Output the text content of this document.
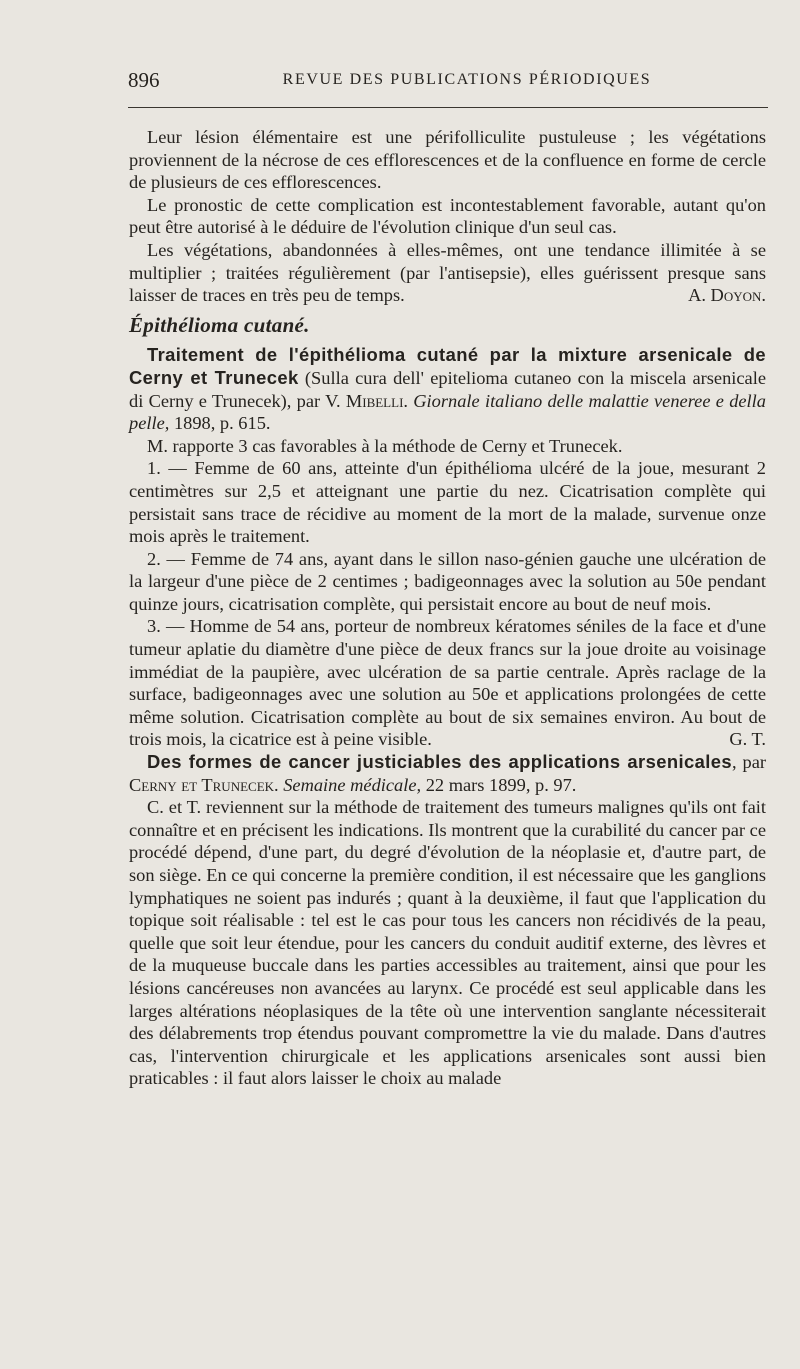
896	REVUE DES PUBLICATIONS PÉRIODIQUES

Leur lésion élémentaire est une périfolliculite pustuleuse ; les végétations proviennent de la nécrose de ces efflorescences et de la confluence en forme de cercle de plusieurs de ces efflorescences.

Le pronostic de cette complication est incontestablement favorable, autant qu'on peut être autorisé à le déduire de l'évolution clinique d'un seul cas.

Les végétations, abandonnées à elles-mêmes, ont une tendance illimitée à se multiplier ; traitées régulièrement (par l'antisepsie), elles guérissent presque sans laisser de traces en très peu de temps.	A. Doyon.

Épithélioma cutané.

Traitement de l'épithélioma cutané par la mixture arsenicale de Cerny et Trunecek (Sulla cura dell' epitelioma cutaneo con la miscela arsenicale di Cerny e Trunecek), par V. Mibelli. Giornale italiano delle malattie veneree e della pelle, 1898, p. 615.

M. rapporte 3 cas favorables à la méthode de Cerny et Trunecek.

1. — Femme de 60 ans, atteinte d'un épithélioma ulcéré de la joue, mesurant 2 centimètres sur 2,5 et atteignant une partie du nez. Cicatrisation complète qui persistait sans trace de récidive au moment de la mort de la malade, survenue onze mois après le traitement.

2. — Femme de 74 ans, ayant dans le sillon naso-génien gauche une ulcération de la largeur d'une pièce de 2 centimes ; badigeonnages avec la solution au 50e pendant quinze jours, cicatrisation complète, qui persistait encore au bout de neuf mois.

3. — Homme de 54 ans, porteur de nombreux kératomes séniles de la face et d'une tumeur aplatie du diamètre d'une pièce de deux francs sur la joue droite au voisinage immédiat de la paupière, avec ulcération de sa partie centrale. Après raclage de la surface, badigeonnages avec une solution au 50e et applications prolongées de cette même solution. Cicatrisation complète au bout de six semaines environ. Au bout de trois mois, la cicatrice est à peine visible.	G. T.

Des formes de cancer justiciables des applications arsenicales, par Cerny et Trunecek. Semaine médicale, 22 mars 1899, p. 97.

C. et T. reviennent sur la méthode de traitement des tumeurs malignes qu'ils ont fait connaître et en précisent les indications. Ils montrent que la curabilité du cancer par ce procédé dépend, d'une part, du degré d'évolution de la néoplasie et, d'autre part, de son siège. En ce qui concerne la première condition, il est nécessaire que les ganglions lymphatiques ne soient pas indurés ; quant à la deuxième, il faut que l'application du topique soit réalisable : tel est le cas pour tous les cancers non récidivés de la peau, quelle que soit leur étendue, pour les cancers du conduit auditif externe, des lèvres et de la muqueuse buccale dans les parties accessibles au traitement, ainsi que pour les lésions cancéreuses non avancées au larynx. Ce procédé est seul applicable dans les larges altérations néoplasiques de la tête où une intervention sanglante nécessiterait des délabrements trop étendus pouvant compromettre la vie du malade. Dans d'autres cas, l'intervention chirurgicale et les applications arsenicales sont aussi bien praticables : il faut alors laisser le choix au malade
